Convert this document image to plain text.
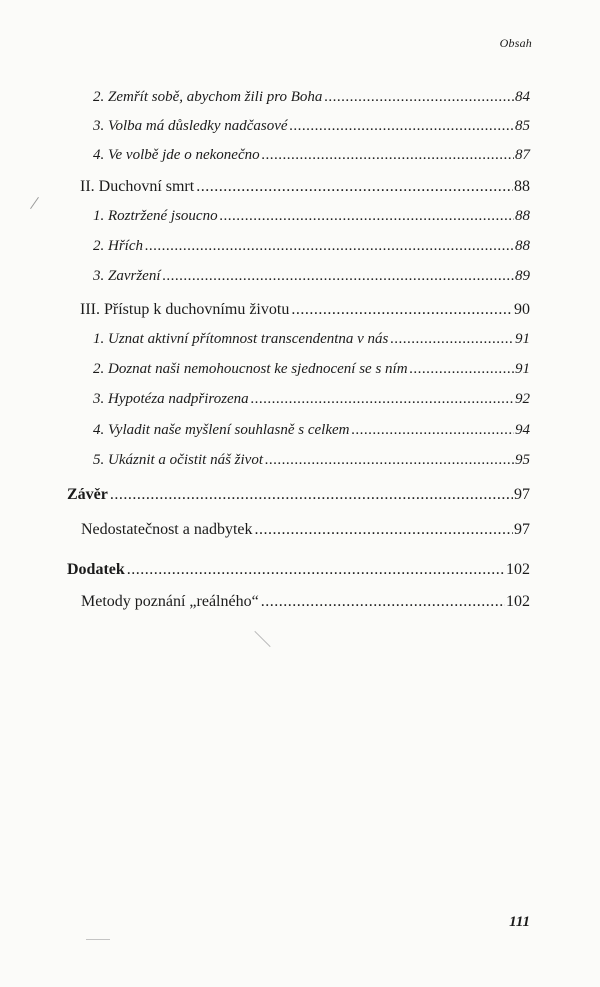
Obsah
2. Zemřít sobě, abychom žili pro Boha .....	84
3. Volba má důsledky nadčasové .....	85
4. Ve volbě jde o nekonečno .....	87
II. Duchovní smrt .....	88
1. Roztržené jsoucno .....	88
2. Hřích .....	88
3. Zavržení .....	89
III. Přístup k duchovnímu životu .....	90
1. Uznat aktivní přítomnost transcendentna v nás .....	91
2. Doznat naši nemohoucnost ke sjednocení se s ním .....	91
3. Hypotéza nadpřirozena .....	92
4. Vyladit naše myšlení souhlasně s celkem .....	94
5. Ukáznit a očistit náš život .....	95
Závěr .....	97
Nedostatečnost a nadbytek .....	97
Dodatek .....	102
Metody poznání „reálného“ .....	102
111
